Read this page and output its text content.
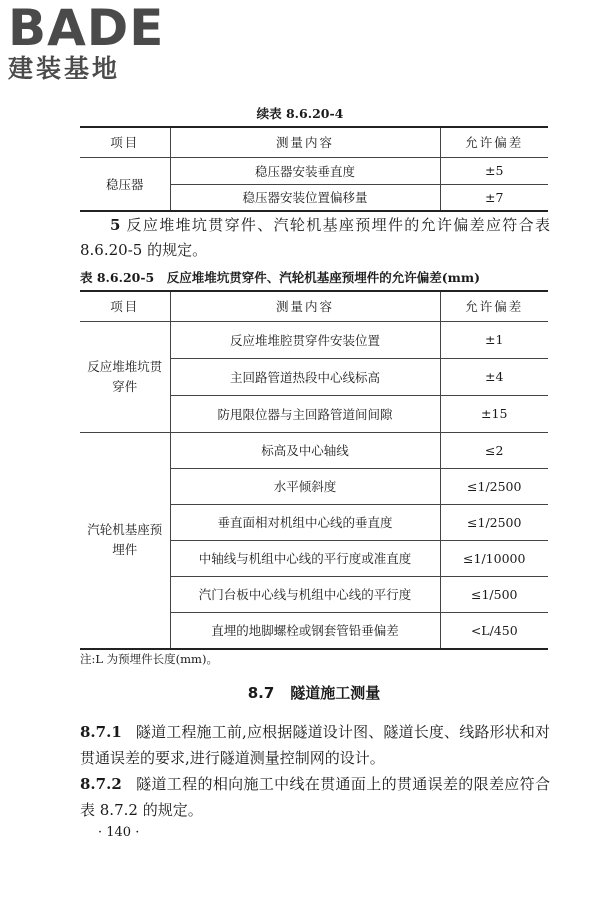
BADE
建装基地
续表 8.6.20-4
项目	测量内容	允许偏差
稳压器	稳压器安装垂直度	±5
	稳压器安装位置偏移量	±7
5 反应堆堆坑贯穿件、汽轮机基座预埋件的允许偏差应符合表 8.6.20-5 的规定。
表 8.6.20-5　反应堆堆坑贯穿件、汽轮机基座预埋件的允许偏差(mm)
项目	测量内容	允许偏差
反应堆堆坑贯穿件	反应堆堆腔贯穿件安装位置	±1
	主回路管道热段中心线标高	±4
	防甩限位器与主回路管道间间隙	±15
汽轮机基座预埋件	标高及中心轴线	≤2
	水平倾斜度	≤1/2500
	垂直面相对机组中心线的垂直度	≤1/2500
	中轴线与机组中心线的平行度或准直度	≤1/10000
	汽门台板中心线与机组中心线的平行度	≤1/500
	直埋的地脚螺栓或钢套管铅垂偏差	<L/450
注:L 为预埋件长度(mm)。
8.7 隧道施工测量
8.7.1 隧道工程施工前,应根据隧道设计图、隧道长度、线路形状和对贯通误差的要求,进行隧道测量控制网的设计。
8.7.2 隧道工程的相向施工中线在贯通面上的贯通误差的限差应符合表 8.7.2 的规定。
· 140 ·
